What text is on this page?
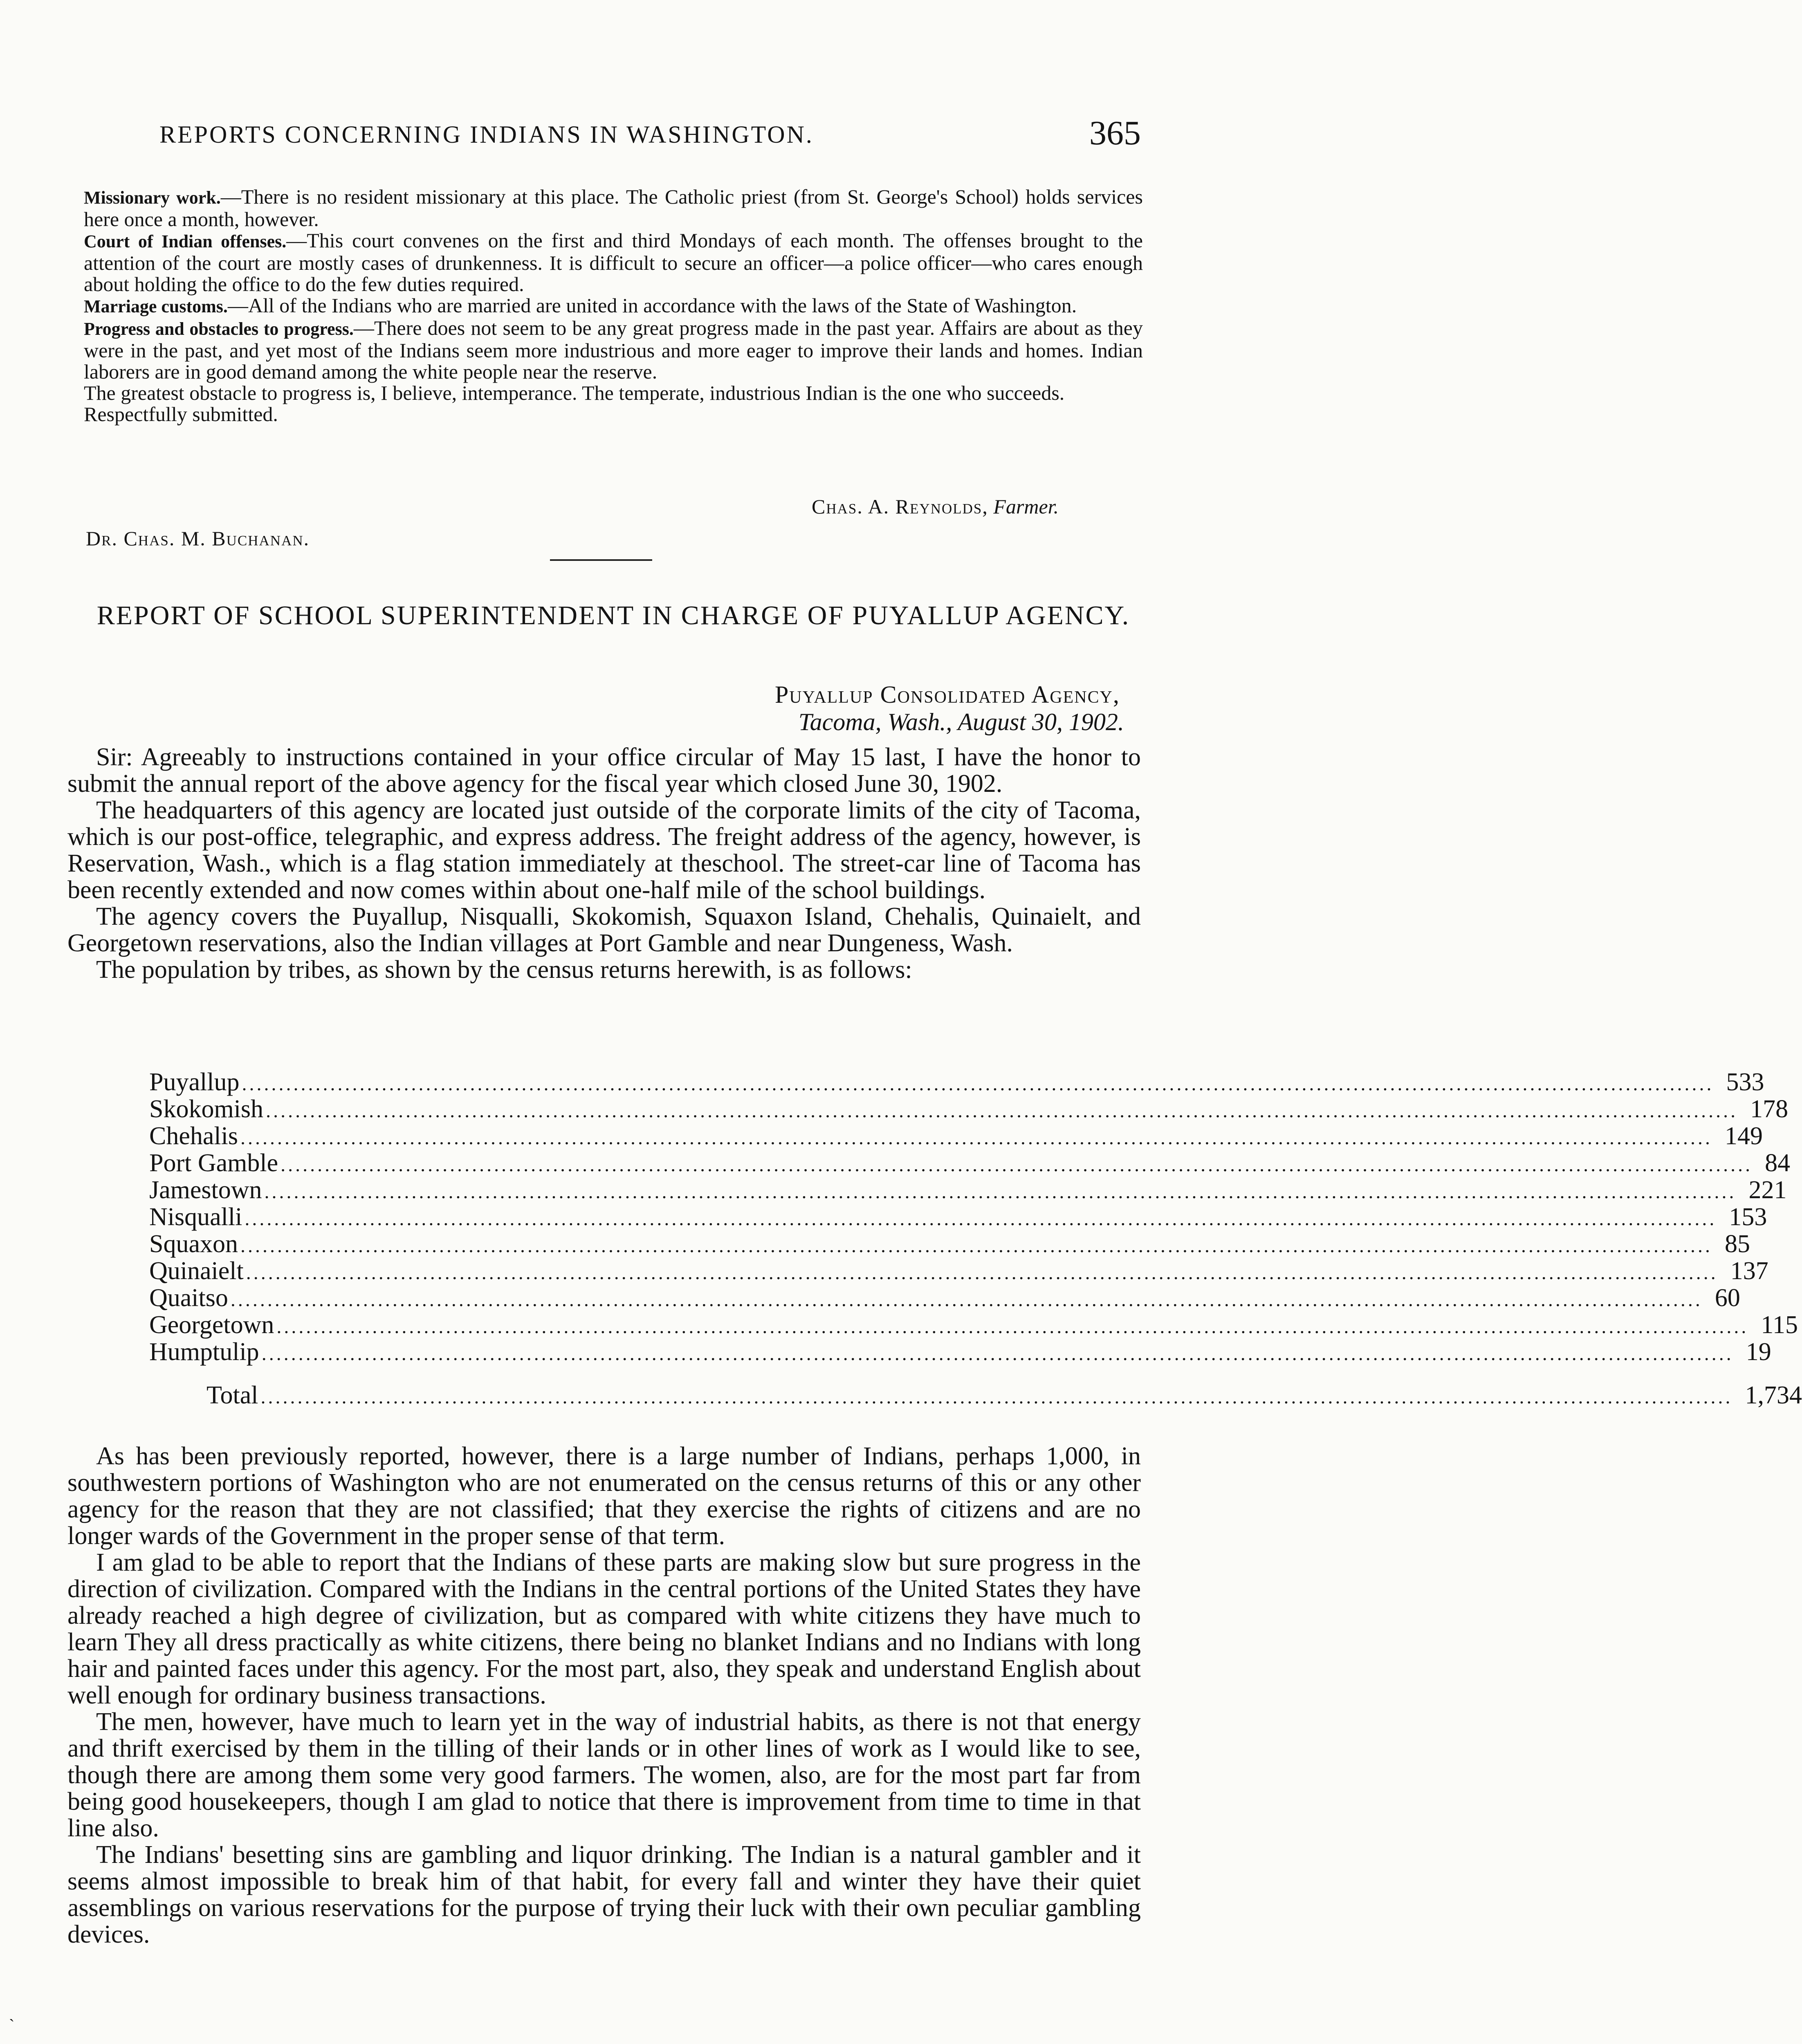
REPORTS CONCERNING INDIANS IN WASHINGTON.	365

Missionary work.—There is no resident missionary at this place. The Catholic priest (from St. George's School) holds services here once a month, however.

Court of Indian offenses.—This court convenes on the first and third Mondays of each month. The offenses brought to the attention of the court are mostly cases of drunkenness. It is difficult to secure an officer—a police officer—who cares enough about holding the office to do the few duties required.

Marriage customs.—All of the Indians who are married are united in accordance with the laws of the State of Washington.

Progress and obstacles to progress.—There does not seem to be any great progress made in the past year. Affairs are about as they were in the past, and yet most of the Indians seem more industrious and more eager to improve their lands and homes. Indian laborers are in good demand among the white people near the reserve.

The greatest obstacle to progress is, I believe, intemperance. The temperate, industrious Indian is the one who succeeds.

Respectfully submitted.

Chas. A. Reynolds, Farmer.
Dr. Chas. M. Buchanan.
REPORT OF SCHOOL SUPERINTENDENT IN CHARGE OF PUYALLUP AGENCY.
Puyallup Consolidated Agency,
Tacoma, Wash., August 30, 1902.

Sir: Agreeably to instructions contained in your office circular of May 15 last, I have the honor to submit the annual report of the above agency for the fiscal year which closed June 30, 1902.

The headquarters of this agency are located just outside of the corporate limits of the city of Tacoma, which is our post-office, telegraphic, and express address. The freight address of the agency, however, is Reservation, Wash., which is a flag station immediately at theschool. The street-car line of Tacoma has been recently extended and now comes within about one-half mile of the school buildings.

The agency covers the Puyallup, Nisqualli, Skokomish, Squaxon Island, Chehalis, Quinaielt, and Georgetown reservations, also the Indian villages at Port Gamble and near Dungeness, Wash.

The population by tribes, as shown by the census returns herewith, is as follows:

Puyallup ........................................................................................................................................................................................................ 533
Skokomish ........................................................................................................................................................................................................ 178
Chehalis ........................................................................................................................................................................................................ 149
Port Gamble ........................................................................................................................................................................................................ 84
Jamestown ........................................................................................................................................................................................................ 221
Nisqualli ........................................................................................................................................................................................................ 153
Squaxon ........................................................................................................................................................................................................ 85
Quinaielt ........................................................................................................................................................................................................ 137
Quaitso ........................................................................................................................................................................................................ 60
Georgetown ........................................................................................................................................................................................................ 115
Humptulip ........................................................................................................................................................................................................ 19
Total ........................................................................................................................................................................................................ 1,734

As has been previously reported, however, there is a large number of Indians, perhaps 1,000, in southwestern portions of Washington who are not enumerated on the census returns of this or any other agency for the reason that they are not classified; that they exercise the rights of citizens and are no longer wards of the Government in the proper sense of that term.

I am glad to be able to report that the Indians of these parts are making slow but sure progress in the direction of civilization. Compared with the Indians in the central portions of the United States they have already reached a high degree of civilization, but as compared with white citizens they have much to learn They all dress practically as white citizens, there being no blanket Indians and no Indians with long hair and painted faces under this agency. For the most part, also, they speak and understand English about well enough for ordinary business transactions.

The men, however, have much to learn yet in the way of industrial habits, as there is not that energy and thrift exercised by them in the tilling of their lands or in other lines of work as I would like to see, though there are among them some very good farmers. The women, also, are for the most part far from being good housekeepers, though I am glad to notice that there is improvement from time to time in that line also.

The Indians' besetting sins are gambling and liquor drinking. The Indian is a natural gambler and it seems almost impossible to break him of that habit, for every fall and winter they have their quiet assemblings on various reservations for the purpose of trying their luck with their own peculiar gambling devices.

`
